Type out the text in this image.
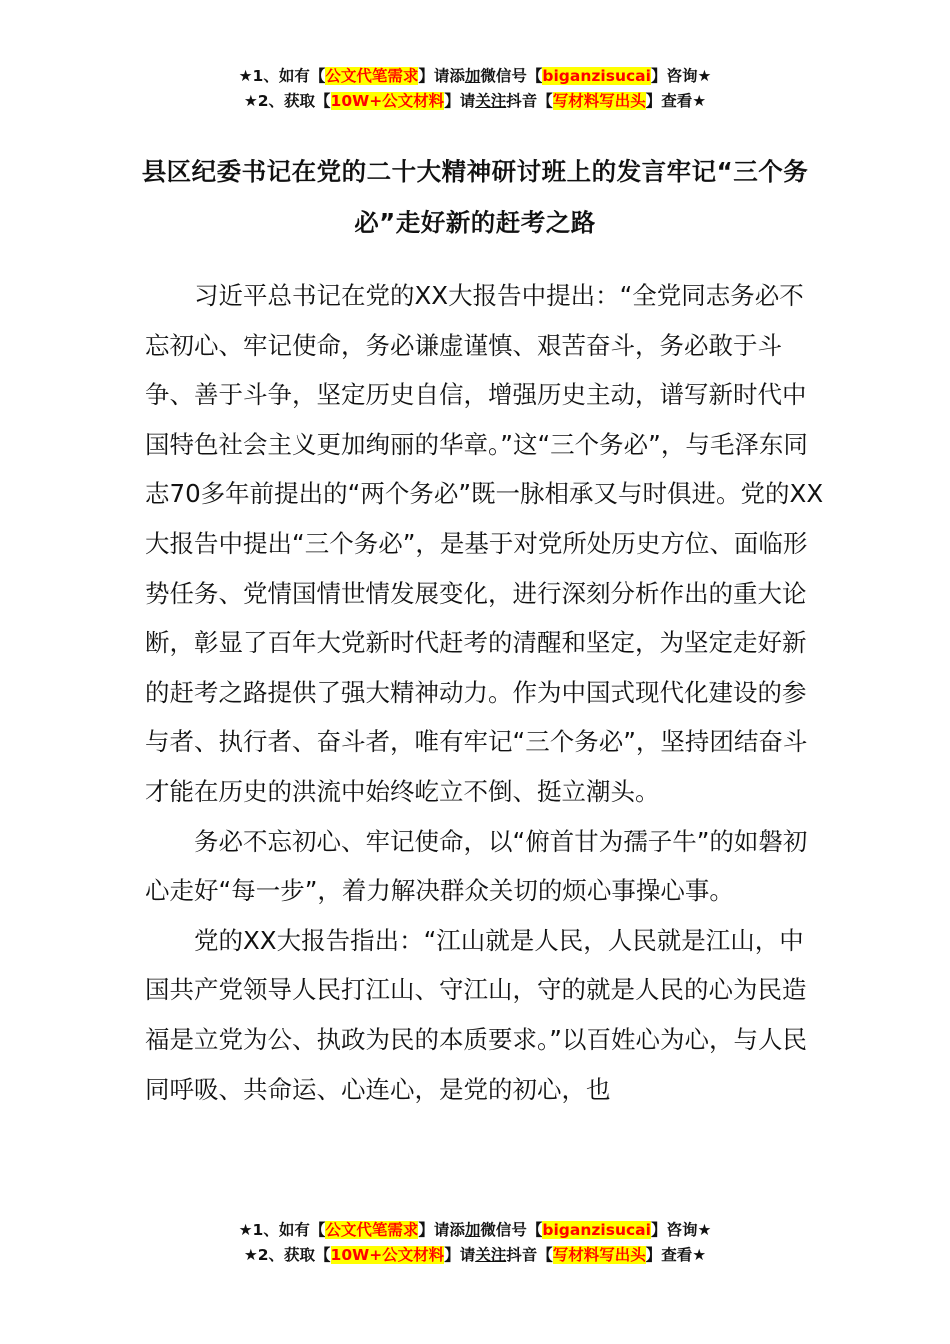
★1、如有【公文代笔需求】请添加微信号【biganzisucai】咨询★
★2、获取【10W+公文材料】请关注抖音【写材料写出头】查看★
县区纪委书记在党的二十大精神研讨班上的发言牢记“三个务必”走好新的赶考之路

习近平总书记在党的XX大报告中提出：“全党同志务必不忘初心、牢记使命，务必谦虚谨慎、艰苦奋斗，务必敢于斗争、善于斗争，坚定历史自信，增强历史主动，谱写新时代中国特色社会主义更加绚丽的华章。”这“三个务必”，与毛泽东同志70多年前提出的“两个务必”既一脉相承又与时俱进。党的XX大报告中提出“三个务必”，是基于对党所处历史方位、面临形势任务、党情国情世情发展变化，进行深刻分析作出的重大论断，彰显了百年大党新时代赶考的清醒和坚定，为坚定走好新的赶考之路提供了强大精神动力。作为中国式现代化建设的参与者、执行者、奋斗者，唯有牢记“三个务必”，坚持团结奋斗才能在历史的洪流中始终屹立不倒、挺立潮头。

务必不忘初心、牢记使命，以“俯首甘为孺子牛”的如磐初心走好“每一步”，着力解决群众关切的烦心事操心事。

党的XX大报告指出：“江山就是人民，人民就是江山，中国共产党领导人民打江山、守江山，守的就是人民的心为民造福是立党为公、执政为民的本质要求。”以百姓心为心，与人民同呼吸、共命运、心连心，是党的初心，也

★1、如有【公文代笔需求】请添加微信号【biganzisucai】咨询★
★2、获取【10W+公文材料】请关注抖音【写材料写出头】查看★
